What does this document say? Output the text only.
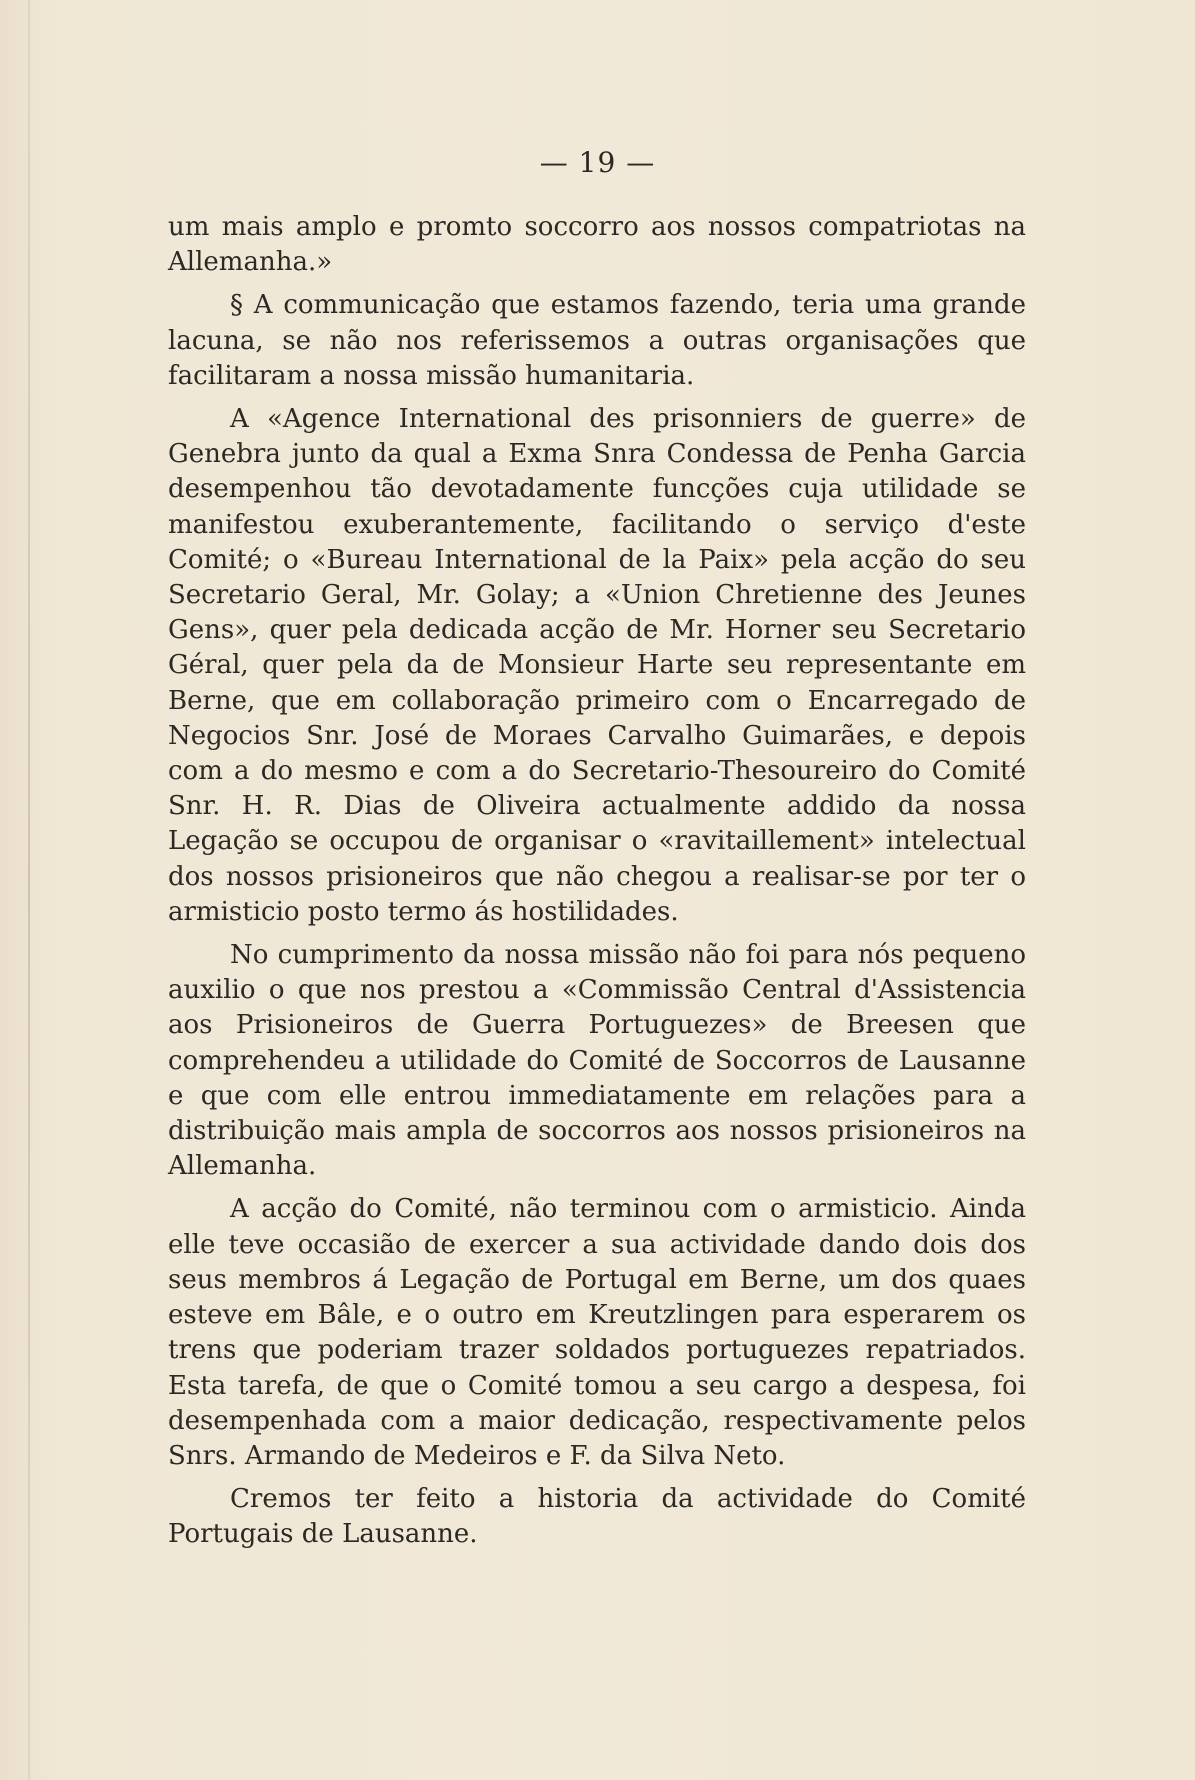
— 19 —

um mais amplo e promto soccorro aos nossos compatriotas na Allemanha.»

§ A communicação que estamos fazendo, teria uma grande lacuna, se não nos referissemos a outras organisações que facilitaram a nossa missão humanitaria.

A «Agence International des prisonniers de guerre» de Genebra junto da qual a Exma Snra Condessa de Penha Garcia desempenhou tão devotadamente funcções cuja utilidade se manifestou exuberantemente, facilitando o serviço d'este Comité; o «Bureau International de la Paix» pela acção do seu Secretario Geral, Mr. Golay; a «Union Chretienne des Jeunes Gens», quer pela dedicada acção de Mr. Horner seu Secretario Géral, quer pela da de Monsieur Harte seu representante em Berne, que em collaboração primeiro com o Encarregado de Negocios Snr. José de Moraes Carvalho Guimarães, e depois com a do mesmo e com a do Secretario-Thesoureiro do Comité Snr. H. R. Dias de Oliveira actualmente addido da nossa Legação se occupou de organisar o «ravitaillement» intelectual dos nossos prisioneiros que não chegou a realisar-se por ter o armisticio posto termo ás hostilidades.

No cumprimento da nossa missão não foi para nós pequeno auxilio o que nos prestou a «Commissão Central d'Assistencia aos Prisioneiros de Guerra Portuguezes» de Breesen que comprehendeu a utilidade do Comité de Soccorros de Lausanne e que com elle entrou immediatamente em relações para a distribuição mais ampla de soccorros aos nossos prisioneiros na Allemanha.

A acção do Comité, não terminou com o armisticio. Ainda elle teve occasião de exercer a sua actividade dando dois dos seus membros á Legação de Portugal em Berne, um dos quaes esteve em Bâle, e o outro em Kreutzlingen para esperarem os trens que poderiam trazer soldados portuguezes repatriados. Esta tarefa, de que o Comité tomou a seu cargo a despesa, foi desempenhada com a maior dedicação, respectivamente pelos Snrs. Armando de Medeiros e F. da Silva Neto.

Cremos ter feito a historia da actividade do Comité Portugais de Lausanne.
